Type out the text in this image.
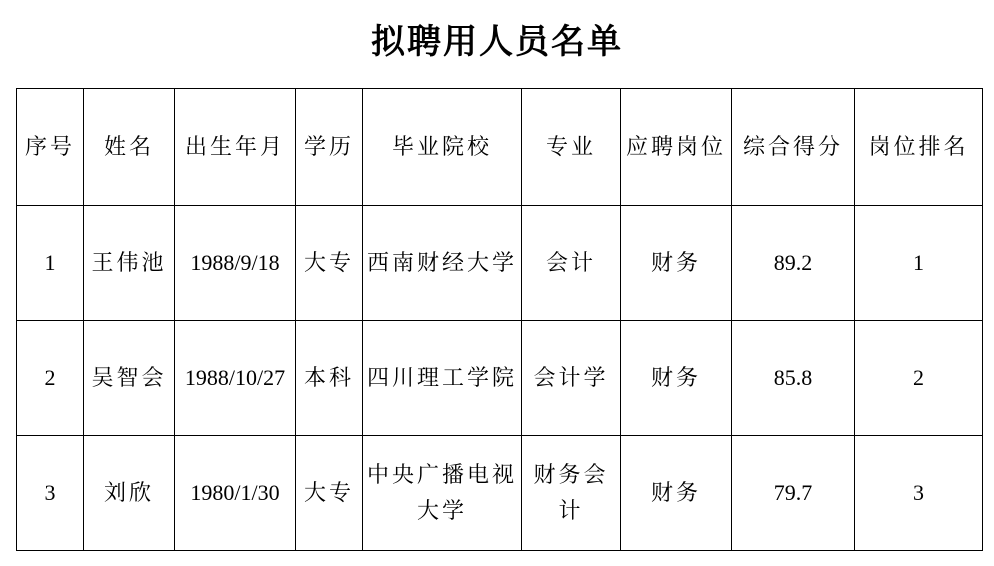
拟聘用人员名单
序号	姓名	出生年月	学历	毕业院校	专业	应聘岗位	综合得分	岗位排名
1	王伟池	1988/9/18	大专	西南财经大学	会计	财务	89.2	1
2	吴智会	1988/10/27	本科	四川理工学院	会计学	财务	85.8	2
3	刘欣	1980/1/30	大专	中央广播电视大学	财务会计	财务	79.7	3
